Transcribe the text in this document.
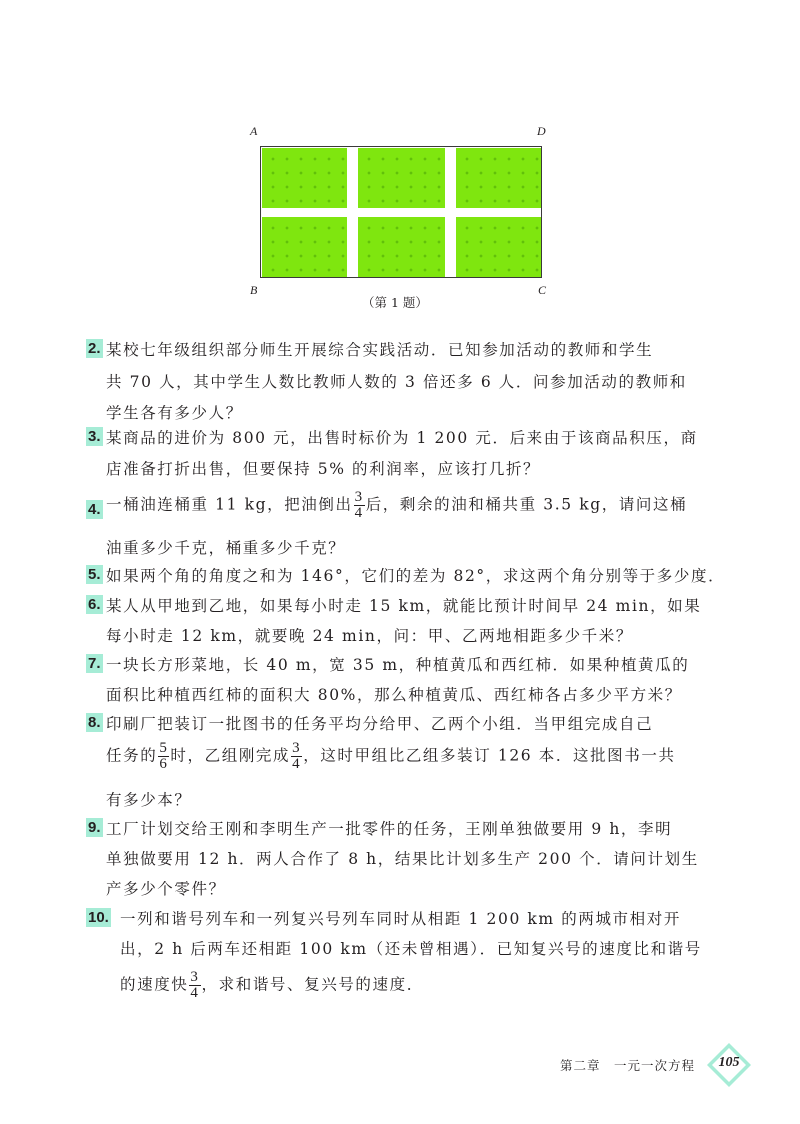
A	D
B	C
（第 1 题）
2. 某校七年级组织部分师生开展综合实践活动．已知参加活动的教师和学生
共 70 人，其中学生人数比教师人数的 3 倍还多 6 人．问参加活动的教师和
学生各有多少人？
3. 某商品的进价为 800 元，出售时标价为 1 200 元．后来由于该商品积压，商
店准备打折出售，但要保持 5% 的利润率，应该打几折？
4. 一桶油连桶重 11 kg，把油倒出 $\frac{3}{4}$ 后，剩余的油和桶共重 3.5 kg，请问这桶
油重多少千克，桶重多少千克？
5. 如果两个角的角度之和为 146°，它们的差为 82°，求这两个角分别等于多少度．
6. 某人从甲地到乙地，如果每小时走 15 km，就能比预计时间早 24 min，如果
每小时走 12 km，就要晚 24 min，问：甲、乙两地相距多少千米？
7. 一块长方形菜地，长 40 m，宽 35 m，种植黄瓜和西红柿．如果种植黄瓜的
面积比种植西红柿的面积大 80%，那么种植黄瓜、西红柿各占多少平方米？
8. 印刷厂把装订一批图书的任务平均分给甲、乙两个小组．当甲组完成自己
任务的 $\frac{5}{6}$ 时，乙组刚完成 $\frac{3}{4}$ ，这时甲组比乙组多装订 126 本．这批图书一共
有多少本？
9. 工厂计划交给王刚和李明生产一批零件的任务，王刚单独做要用 9 h，李明
单独做要用 12 h．两人合作了 8 h，结果比计划多生产 200 个．请问计划生
产多少个零件？
10. 一列和谐号列车和一列复兴号列车同时从相距 1 200 km 的两城市相对开
出，2 h 后两车还相距 100 km（还未曾相遇）．已知复兴号的速度比和谐号
的速度快 $\frac{3}{4}$ ，求和谐号、复兴号的速度．
第二章　一元一次方程	105
